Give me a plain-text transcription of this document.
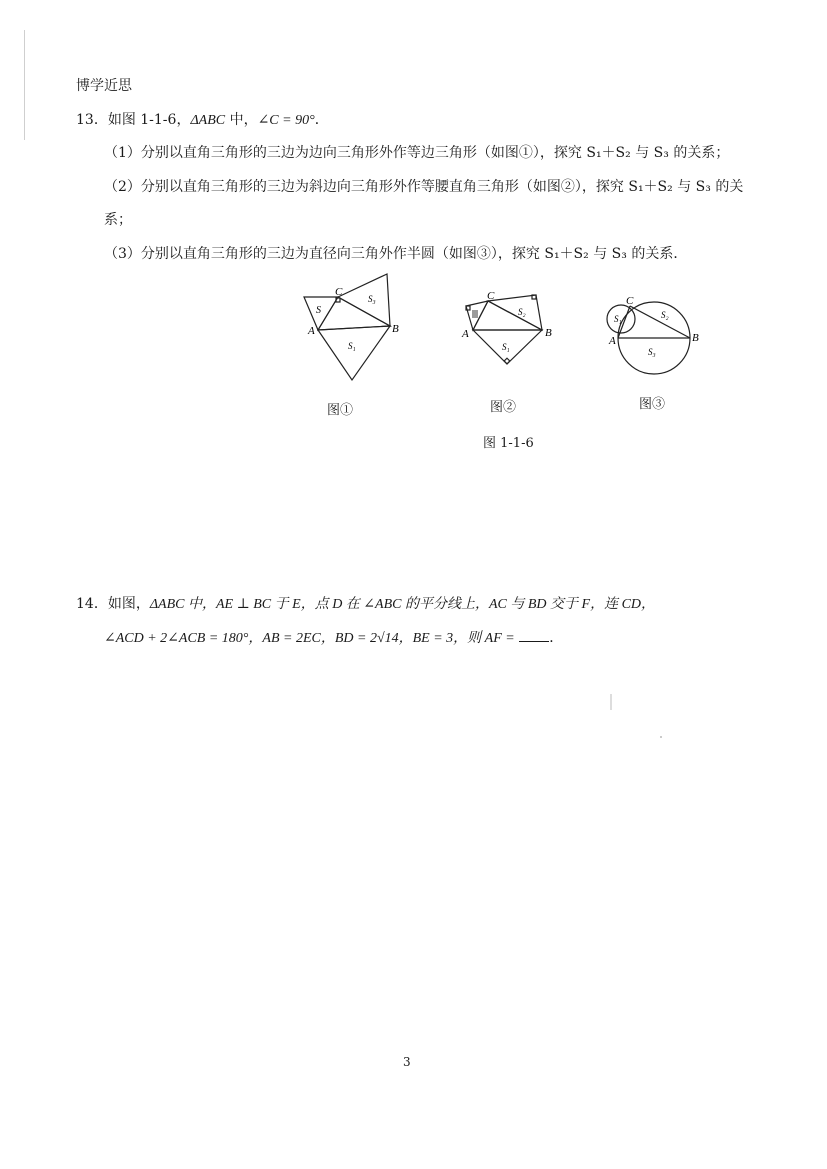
博学近思
13．如图 1-1-6，ΔABC 中，∠C = 90°．
（1）分别以直角三角形的三边为边向三角形外作等边三角形（如图①），探究 S₁＋S₂ 与 S₃ 的关系；
（2）分别以直角三角形的三边为斜边向三角形外作等腰直角三角形（如图②），探究 S₁＋S₂ 与 S₃ 的关
系；
（3）分别以直角三角形的三边为直径向三角外作半圆（如图③），探究 S₁＋S₂ 与 S₃ 的关系．
C
A	B
S
S₃
S₁
C
A	B
S₂
S₁
C
A	B
S₁	S₂
S₃
图①	图②	图③
图 1-1-6
14．如图，ΔABC 中，AE ⊥ BC 于 E，点 D 在 ∠ABC 的平分线上，AC 与 BD 交于 F，连 CD，
∠ACD + 2∠ACB = 180°，AB = 2EC，BD = 2√14，BE = 3，则 AF = ．
3
